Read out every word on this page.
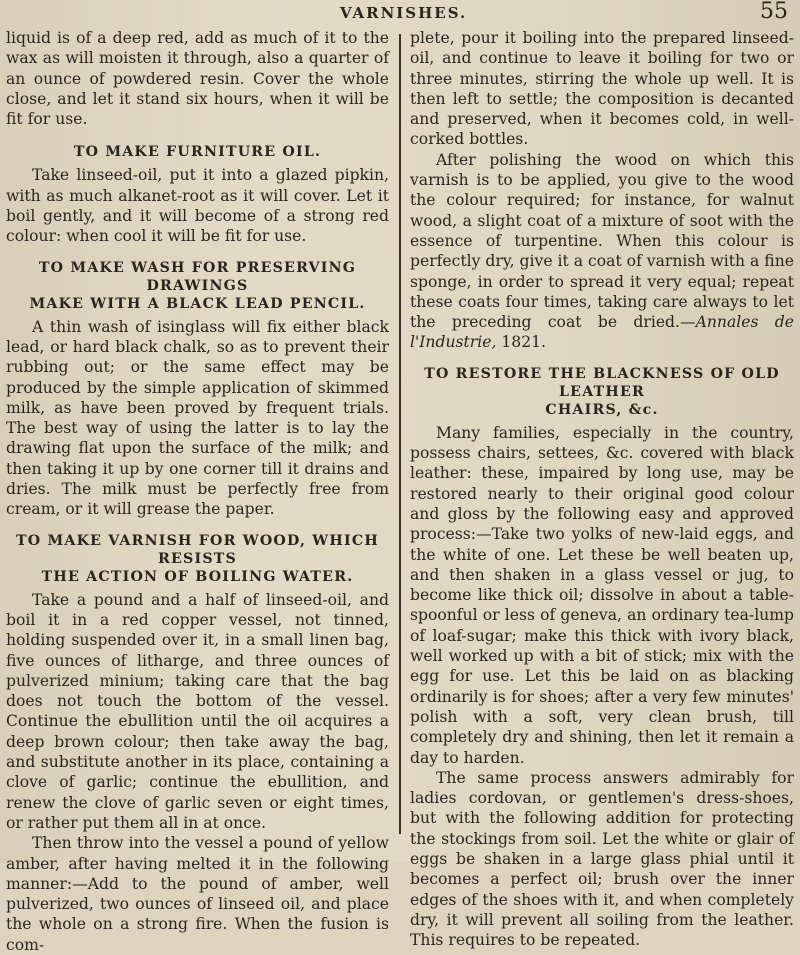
VARNISHES.	55

liquid is of a deep red, add as much of it to the wax as will moisten it through, also a quarter of an ounce of powdered resin. Cover the whole close, and let it stand six hours, when it will be fit for use.

TO MAKE FURNITURE OIL.

Take linseed-oil, put it into a glazed pipkin, with as much alkanet-root as it will cover. Let it boil gently, and it will become of a strong red colour: when cool it will be fit for use.

TO MAKE WASH FOR PRESERVING DRAWINGS
MAKE WITH A BLACK LEAD PENCIL.

A thin wash of isinglass will fix either black lead, or hard black chalk, so as to prevent their rubbing out; or the same effect may be produced by the simple application of skimmed milk, as have been proved by frequent trials. The best way of using the latter is to lay the drawing flat upon the surface of the milk; and then taking it up by one corner till it drains and dries. The milk must be perfectly free from cream, or it will grease the paper.

TO MAKE VARNISH FOR WOOD, WHICH RESISTS
THE ACTION OF BOILING WATER.

Take a pound and a half of linseed-oil, and boil it in a red copper vessel, not tinned, holding suspended over it, in a small linen bag, five ounces of litharge, and three ounces of pulverized minium; taking care that the bag does not touch the bottom of the vessel. Continue the ebullition until the oil acquires a deep brown colour; then take away the bag, and substitute another in its place, containing a clove of garlic; continue the ebullition, and renew the clove of garlic seven or eight times, or rather put them all in at once.

Then throw into the vessel a pound of yellow amber, after having melted it in the following manner:—Add to the pound of amber, well pulverized, two ounces of linseed oil, and place the whole on a strong fire. When the fusion is com-

plete, pour it boiling into the prepared linseed-oil, and continue to leave it boiling for two or three minutes, stirring the whole up well. It is then left to settle; the composition is decanted and preserved, when it becomes cold, in well-corked bottles.

After polishing the wood on which this varnish is to be applied, you give to the wood the colour required; for instance, for walnut wood, a slight coat of a mixture of soot with the essence of turpentine. When this colour is perfectly dry, give it a coat of varnish with a fine sponge, in order to spread it very equal; repeat these coats four times, taking care always to let the preceding coat be dried.—Annales de l'Industrie, 1821.

TO RESTORE THE BLACKNESS OF OLD LEATHER
CHAIRS, &c.

Many families, especially in the country, possess chairs, settees, &c. covered with black leather: these, impaired by long use, may be restored nearly to their original good colour and gloss by the following easy and approved process:—Take two yolks of new-laid eggs, and the white of one. Let these be well beaten up, and then shaken in a glass vessel or jug, to become like thick oil; dissolve in about a table-spoonful or less of geneva, an ordinary tea-lump of loaf-sugar; make this thick with ivory black, well worked up with a bit of stick; mix with the egg for use. Let this be laid on as blacking ordinarily is for shoes; after a very few minutes' polish with a soft, very clean brush, till completely dry and shining, then let it remain a day to harden.

The same process answers admirably for ladies cordovan, or gentlemen's dress-shoes, but with the following addition for protecting the stockings from soil. Let the white or glair of eggs be shaken in a large glass phial until it becomes a perfect oil; brush over the inner edges of the shoes with it, and when completely dry, it will prevent all soiling from the leather. This requires to be repeated.
